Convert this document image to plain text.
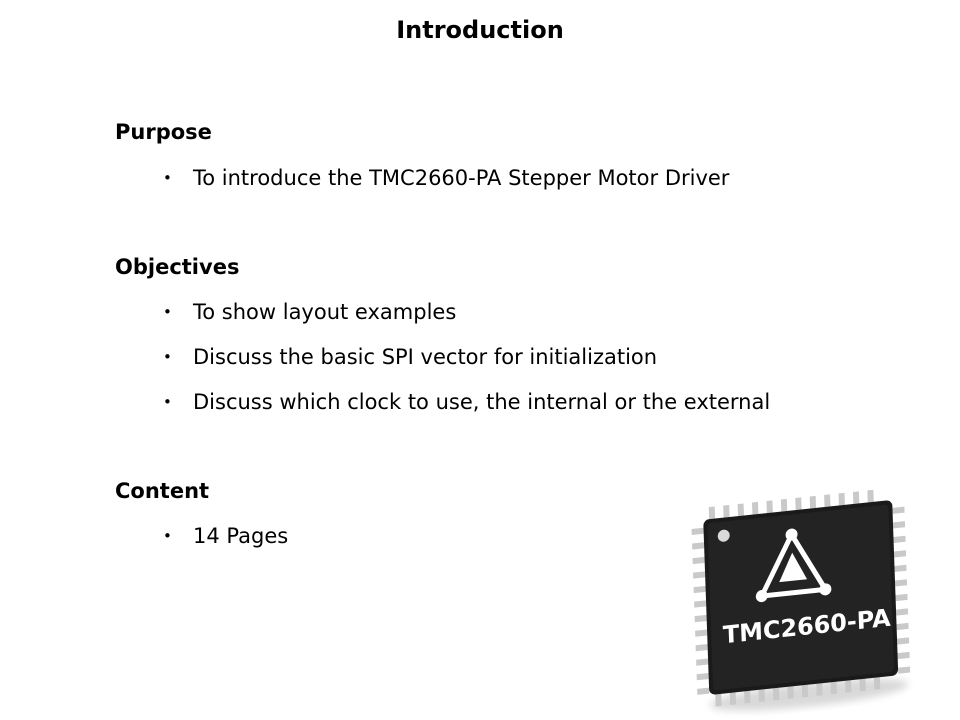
Introduction
Purpose
• To introduce the TMC2660-PA Stepper Motor Driver
Objectives
• To show layout examples
• Discuss the basic SPI vector for initialization
• Discuss which clock to use, the internal or the external
Content
• 14 Pages
TMC2660-PA
